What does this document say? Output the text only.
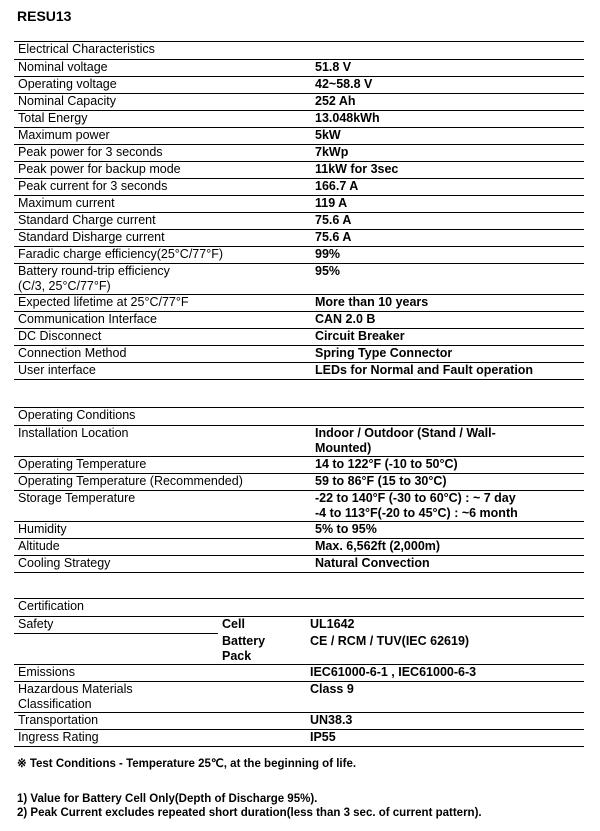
RESU13
Electrical Characteristics	

Nominal voltage	51.8 V

Operating voltage	42~58.8 V

Nominal Capacity	252 Ah

Total Energy	13.048kWh

Maximum power	5kW

Peak power for 3 seconds	7kWp

Peak power for backup mode	11kW for 3sec

Peak current for 3 seconds	166.7 A

Maximum current	119 A

Standard Charge current	75.6 A

Standard Disharge current	75.6 A

Faradic charge efficiency(25°C/77°F)	99%

Battery round-trip efficiency
(C/3, 25°C/77°F)	95%

Expected lifetime at 25°C/77°F	More than 10 years

Communication Interface	CAN 2.0 B

DC Disconnect	Circuit Breaker

Connection Method	Spring Type Connector

User interface	LEDs for Normal and Fault operation
Operating Conditions	

Installation Location	Indoor / Outdoor (Stand / Wall-
Mounted)

Operating Temperature	14 to 122°F (-10 to 50°C)

Operating Temperature (Recommended)	59 to 86°F (15 to 30°C)

Storage Temperature	-22 to 140°F (-30 to 60°C) : ~ 7 day
-4 to 113°F(-20 to 45°C) : ~6 month

Humidity	5% to 95%

Altitude	Max. 6,562ft (2,000m)

Cooling Strategy	Natural Convection
Certification		
Safety	Cell	UL1642

	Battery
Pack	CE / RCM / TUV(IEC 62619)

Emissions		IEC61000-6-1 , IEC61000-6-3

Hazardous Materials
Classification		Class 9

Transportation		UN38.3

Ingress Rating		IP55
※ Test Conditions - Temperature 25℃, at the beginning of life.
1) Value for Battery Cell Only(Depth of Discharge 95%).
2) Peak Current excludes repeated short duration(less than 3 sec. of current pattern).
